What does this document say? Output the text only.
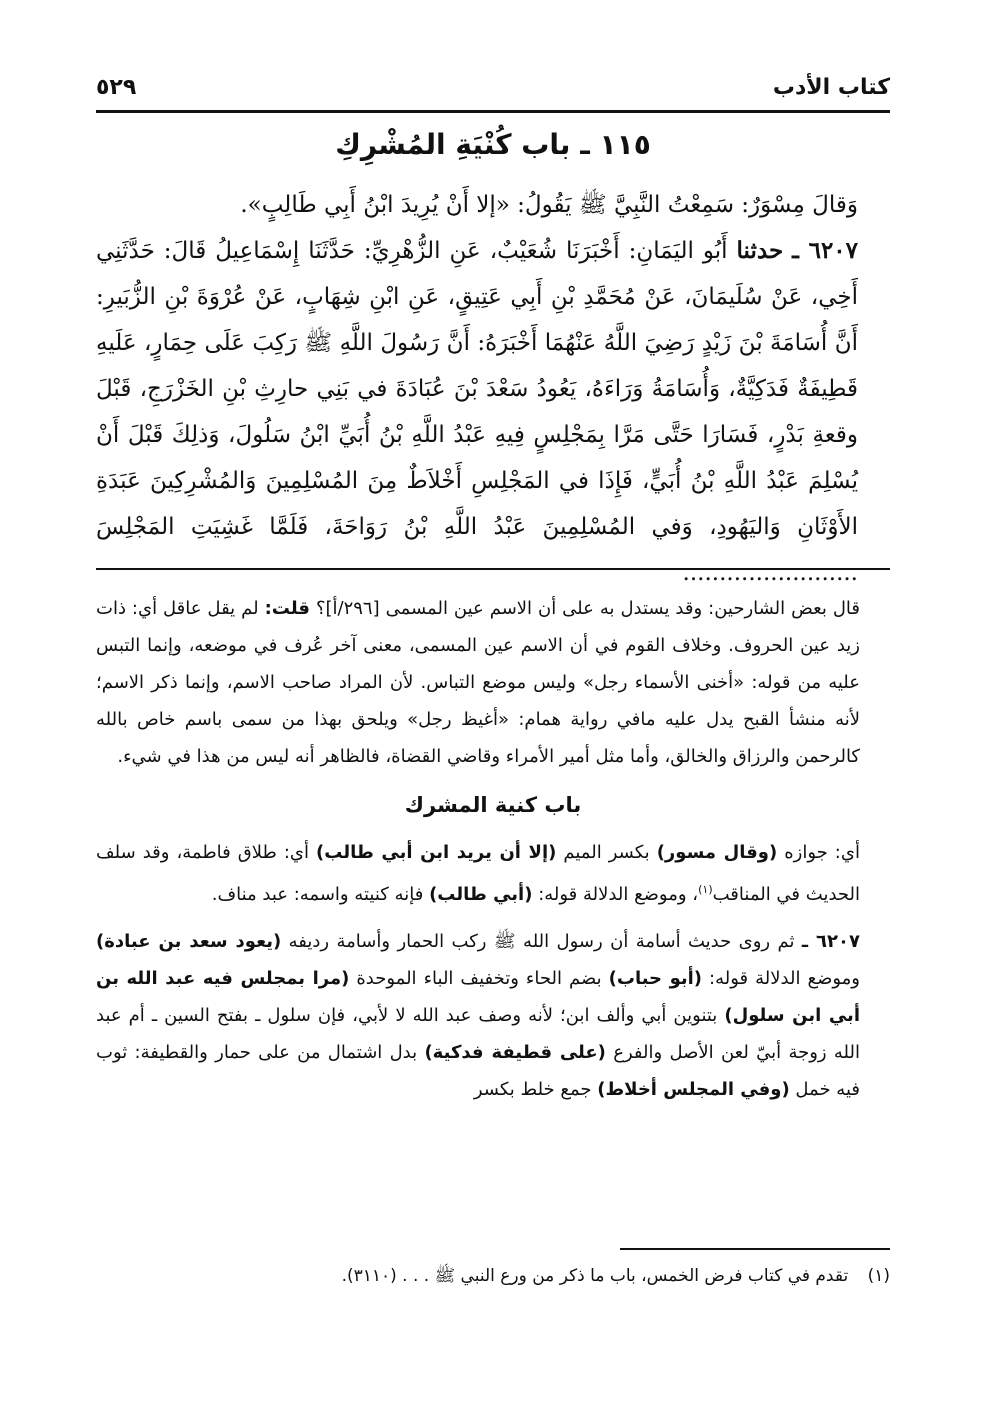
كتاب الأدب
٥٢٩
١١٥ ـ باب كُنْيَةِ المُشْرِكِ

وَقالَ مِسْوَرٌ: سَمِعْتُ النَّبِيَّ ﷺ يَقُولُ: «إلا أَنْ يُرِيدَ ابْنُ أَبِي طَالِبٍ».

٦٢٠٧ ـ حدثنا أَبُو اليَمَانِ: أَخْبَرَنَا شُعَيْبٌ، عَنِ الزُّهْرِيِّ: حَدَّثَنَا إِسْمَاعِيلُ قَالَ: حَدَّثَنِي أَخِي، عَنْ سُلَيمَانَ، عَنْ مُحَمَّدِ بْنِ أَبِي عَتِيقٍ، عَنِ ابْنِ شِهَابٍ، عَنْ عُرْوَةَ بْنِ الزُّبَيرِ: أَنَّ أُسَامَةَ بْنَ زَيْدٍ رَضِيَ اللَّهُ عَنْهُمَا أَخْبَرَهُ: أَنَّ رَسُولَ اللَّهِ ﷺ رَكِبَ عَلَى حِمَارٍ، عَلَيهِ قَطِيفَةٌ فَدَكِيَّةٌ، وَأُسَامَةُ وَرَاءَهُ، يَعُودُ سَعْدَ بْنَ عُبَادَةَ في بَنِي حارِثِ بْنِ الخَزْرَجِ، قَبْلَ وقعةِ بَدْرٍ، فَسَارَا حَتَّى مَرَّا بِمَجْلِسٍ فِيهِ عَبْدُ اللَّهِ بْنُ أُبَيِّ ابْنُ سَلُولَ، وَذلِكَ قَبْلَ أَنْ يُسْلِمَ عَبْدُ اللَّهِ بْنُ أُبَيٍّ، فَإِذَا في المَجْلِسِ أَخْلاَطٌ مِنَ المُسْلِمِينَ وَالمُشْرِكِينَ عَبَدَةِ الأَوْثَانِ وَاليَهُودِ، وَفي المُسْلِمِينَ عَبْدُ اللَّهِ بْنُ رَوَاحَةَ، فَلَمَّا غَشِيَتِ المَجْلِسَ ........................

قال بعض الشارحين: وقد يستدل به على أن الاسم عين المسمى [٢٩٦/أ]؟ قلت: لم يقل عاقل أي: ذات زيد عين الحروف. وخلاف القوم في أن الاسم عين المسمى، معنى آخر عُرف في موضعه، وإنما التبس عليه من قوله: «أخنى الأسماء رجل» وليس موضع التباس. لأن المراد صاحب الاسم، وإنما ذكر الاسم؛ لأنه منشأ القبح يدل عليه مافي رواية همام: «أغيظ رجل» ويلحق بهذا من سمى باسم خاص بالله كالرحمن والرزاق والخالق، وأما مثل أمير الأمراء وقاضي القضاة، فالظاهر أنه ليس من هذا في شيء.

باب كنية المشرك

أي: جوازه (وقال مسور) بكسر الميم (إلا أن يريد ابن أبي طالب) أي: طلاق فاطمة، وقد سلف الحديث في المناقب$^{(١)}$، وموضع الدلالة قوله: (أبي طالب) فإنه كنيته واسمه: عبد مناف.

٦٢٠٧ ـ ثم روى حديث أسامة أن رسول الله ﷺ ركب الحمار وأسامة رديفه (يعود سعد بن عبادة) وموضع الدلالة قوله: (أبو حباب) بضم الحاء وتخفيف الباء الموحدة (مرا بمجلس فيه عبد الله بن أبي ابن سلول) بتنوين أبي وألف ابن؛ لأنه وصف عبد الله لا لأبي، فإن سلول ـ بفتح السين ـ أم عبد الله زوجة أبيّ لعن الأصل والفرع (على قطيفة فدكية) بدل اشتمال من على حمار والقطيفة: ثوب فيه خمل (وفي المجلس أخلاط) جمع خلط بكسر

(١) تقدم في كتاب فرض الخمس، باب ما ذكر من ورع النبي ﷺ . . . (٣١١٠).
